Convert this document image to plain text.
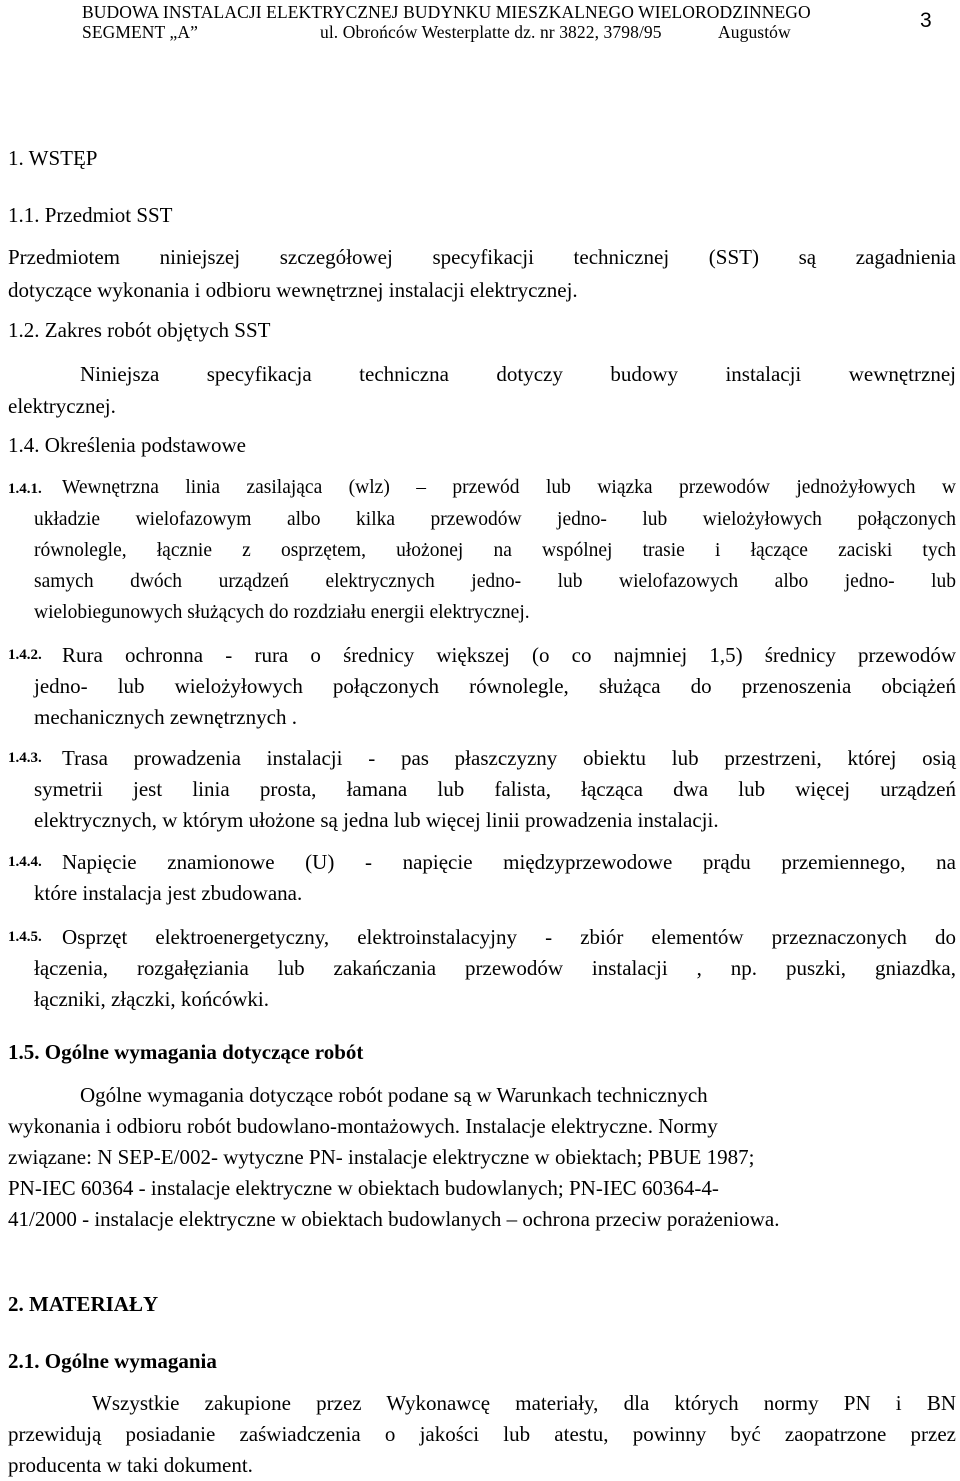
BUDOWA INSTALACJI ELEKTRYCZNEJ BUDYNKU MIESZKALNEGO WIELORODZINNEGO
SEGMENT „A”	ul. Obrońców Westerplatte dz. nr 3822, 3798/95	Augustów	3
1. WSTĘP
1.1. Przedmiot SST
Przedmiotem niniejszej szczegółowej specyfikacji technicznej (SST) są zagadnienia
dotyczące wykonania i odbioru wewnętrznej instalacji elektrycznej.
1.2. Zakres robót objętych SST
Niniejsza specyfikacja techniczna dotyczy budowy instalacji wewnętrznej
elektrycznej.
1.4. Określenia podstawowe
1.4.1. Wewnętrzna linia zasilająca (wlz) – przewód lub wiązka przewodów jednożyłowych w
układzie wielofazowym albo kilka przewodów jedno- lub wielożyłowych połączonych
równolegle, łącznie z osprzętem, ułożonej na wspólnej trasie i łączące zaciski tych
samych dwóch urządzeń elektrycznych jedno- lub wielofazowych albo jedno- lub
wielobiegunowych służących do rozdziału energii elektrycznej.
1.4.2. Rura ochronna - rura o średnicy większej (o co najmniej 1,5) średnicy przewodów
jedno- lub wielożyłowych połączonych równolegle, służąca do przenoszenia obciążeń
mechanicznych zewnętrznych .
1.4.3. Trasa prowadzenia instalacji - pas płaszczyzny obiektu lub przestrzeni, której osią
symetrii jest linia prosta, łamana lub falista, łącząca dwa lub więcej urządzeń
elektrycznych, w którym ułożone są jedna lub więcej linii prowadzenia instalacji.
1.4.4. Napięcie znamionowe (U) - napięcie międzyprzewodowe prądu przemiennego, na
które instalacja jest zbudowana.
1.4.5. Osprzęt elektroenergetyczny, elektroinstalacyjny - zbiór elementów przeznaczonych do
łączenia, rozgałęziania lub zakańczania przewodów instalacji , np. puszki, gniazdka,
łączniki, złączki, końcówki.
1.5. Ogólne wymagania dotyczące robót
Ogólne wymagania dotyczące robót podane są w Warunkach technicznych
wykonania i odbioru robót budowlano-montażowych. Instalacje elektryczne. Normy
związane: N SEP-E/002- wytyczne PN- instalacje elektryczne w obiektach; PBUE 1987;
PN-IEC 60364 - instalacje elektryczne w obiektach budowlanych; PN-IEC 60364-4-
41/2000 - instalacje elektryczne w obiektach budowlanych – ochrona przeciw porażeniowa.
2. MATERIAŁY
2.1. Ogólne wymagania
Wszystkie zakupione przez Wykonawcę materiały, dla których normy PN i BN
przewidują posiadanie zaświadczenia o jakości lub atestu, powinny być zaopatrzone przez
producenta w taki dokument.
